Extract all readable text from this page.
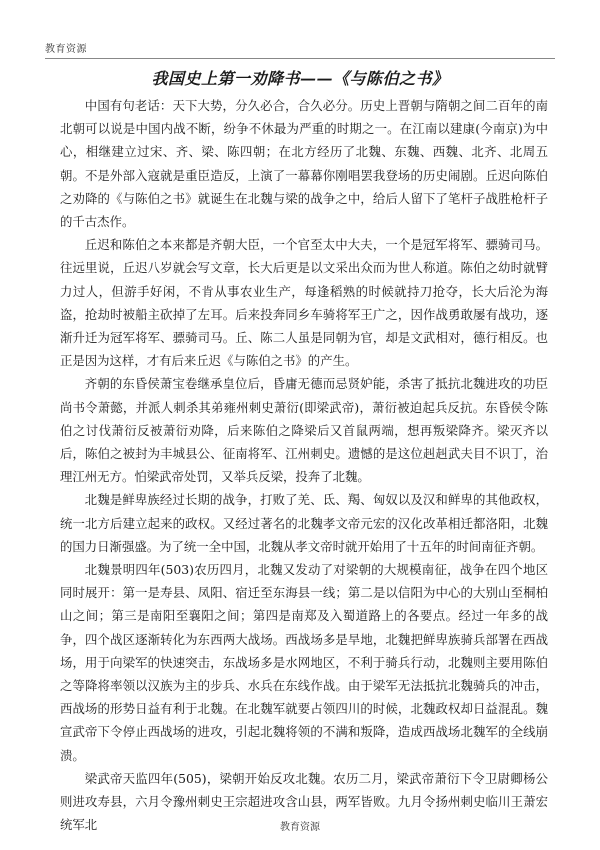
教育资源
我国史上第一劝降书——《与陈伯之书》

中国有句老话：天下大势，分久必合，合久必分。历史上晋朝与隋朝之间二百年的南北朝可以说是中国内战不断，纷争不休最为严重的时期之一。在江南以建康(今南京)为中心，相继建立过宋、齐、梁、陈四朝；在北方经历了北魏、东魏、西魏、北齐、北周五朝。不是外部入寇就是重臣造反，上演了一幕幕你刚唱罢我登场的历史闹剧。丘迟向陈伯之劝降的《与陈伯之书》就诞生在北魏与梁的战争之中，给后人留下了笔杆子战胜枪杆子的千古杰作。

丘迟和陈伯之本来都是齐朝大臣，一个官至太中大夫，一个是冠军将军、骠骑司马。往远里说，丘迟八岁就会写文章，长大后更是以文采出众而为世人称道。陈伯之幼时就臂力过人，但游手好闲，不肯从事农业生产，每逢稻熟的时候就持刀抢夺，长大后沦为海盗，抢劫时被船主砍掉了左耳。后来投奔同乡车骑将军王广之，因作战勇敢屡有战功，逐渐升迁为冠军将军、骠骑司马。丘、陈二人虽是同朝为官，却是文武相对，德行相反。也正是因为这样，才有后来丘迟《与陈伯之书》的产生。

齐朝的东昏侯萧宝卷继承皇位后，昏庸无德而忌贤妒能，杀害了抵抗北魏进攻的功臣尚书令萧懿，并派人刺杀其弟雍州刺史萧衍(即梁武帝)，萧衍被迫起兵反抗。东昏侯令陈伯之讨伐萧衍反被萧衍劝降，后来陈伯之降梁后又首鼠两端，想再叛梁降齐。梁灭齐以后，陈伯之被封为丰城县公、征南将军、江州刺史。遗憾的是这位赳赳武夫目不识丁，治理江州无方。怕梁武帝处罚，又举兵反梁，投奔了北魏。

北魏是鲜卑族经过长期的战争，打败了羌、氐、羯、匈奴以及汉和鲜卑的其他政权，统一北方后建立起来的政权。又经过著名的北魏孝文帝元宏的汉化改革相迁都洛阳，北魏的国力日渐强盛。为了统一全中国，北魏从孝文帝时就开始用了十五年的时间南征齐朝。

北魏景明四年(503)农历四月，北魏又发动了对梁朝的大规模南征，战争在四个地区同时展开：第一是寿县、凤阳、宿迁至东海县一线；第二是以信阳为中心的大别山至桐柏山之间；第三是南阳至襄阳之间；第四是南郑及入蜀道路上的各要点。经过一年多的战争，四个战区逐渐转化为东西两大战场。西战场多是旱地，北魏把鲜卑族骑兵部署在西战场，用于向梁军的快速突击，东战场多是水网地区，不利于骑兵行动，北魏则主要用陈伯之等降将率领以汉族为主的步兵、水兵在东线作战。由于梁军无法抵抗北魏骑兵的冲击，西战场的形势日益有利于北魏。在北魏军就要占领四川的时候，北魏政权却日益混乱。魏宣武帝下令停止西战场的进攻，引起北魏将领的不满和叛降，造成西战场北魏军的全线崩溃。

梁武帝天监四年(505)，梁朝开始反攻北魏。农历二月，梁武帝萧衍下令卫尉卿杨公则进攻寿县，六月令豫州刺史王宗超进攻含山县，两军皆败。九月令扬州刺史临川王萧宏统军北	教育资源
